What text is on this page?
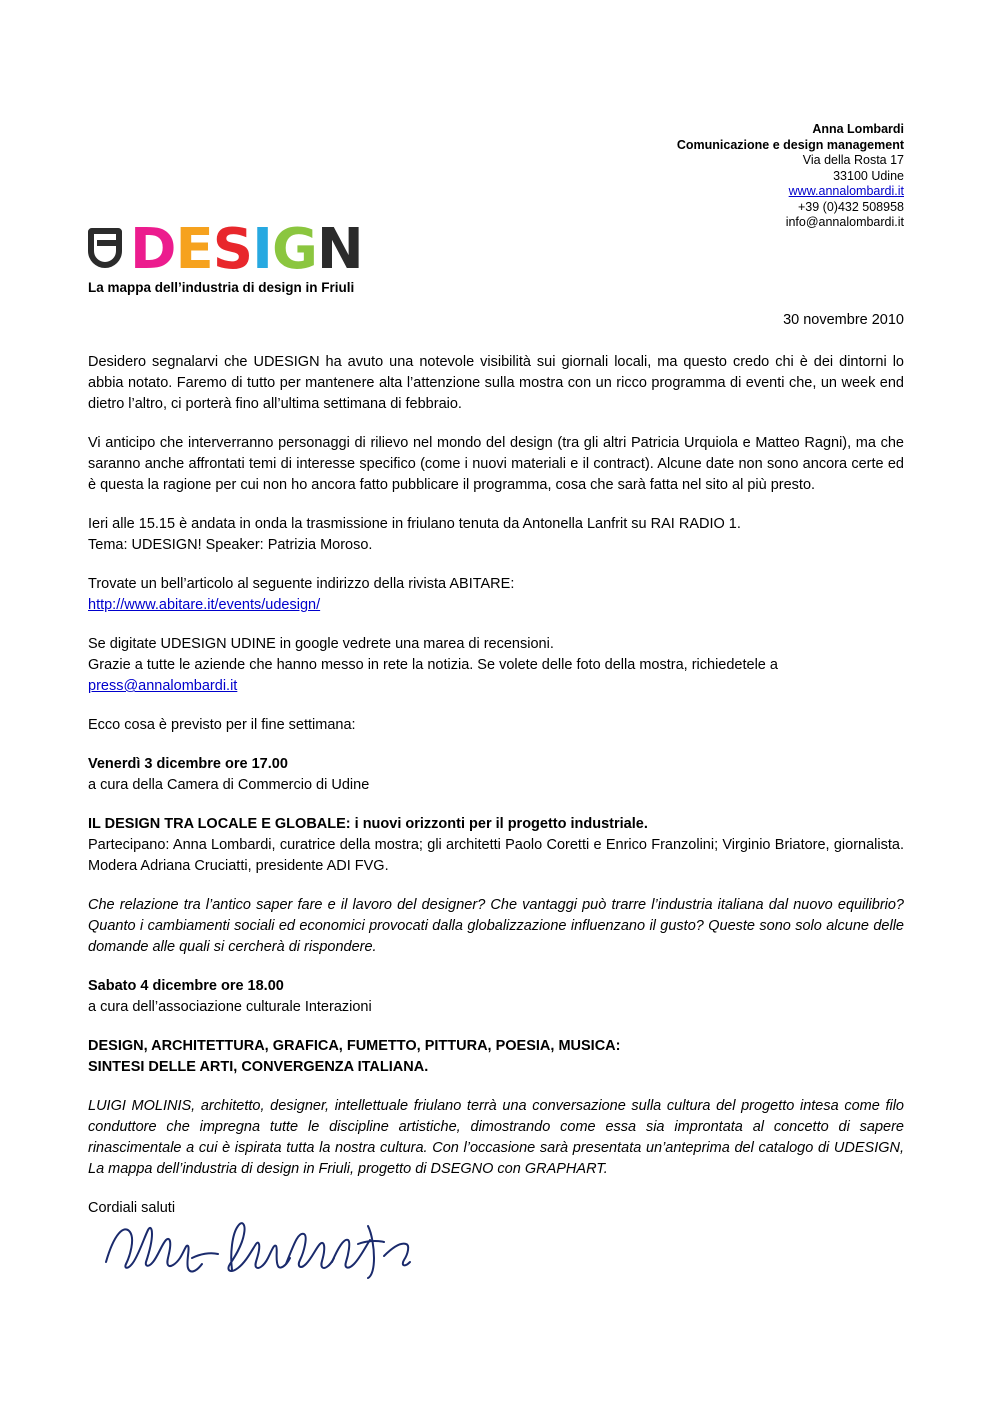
Anna Lombardi
Comunicazione e design management
Via della Rosta 17
33100 Udine
www.annalombardi.it
+39 (0)432 508958
info@annalombardi.it
DESIGN
La mappa dell’industria di design in Friuli
30 novembre 2010

Desidero segnalarvi che UDESIGN ha avuto una notevole visibilità sui giornali locali, ma questo credo chi è dei dintorni lo abbia notato. Faremo di tutto per mantenere alta l’attenzione sulla mostra con un ricco programma di eventi che, un week end dietro l’altro, ci porterà fino all’ultima settimana di febbraio.

Vi anticipo che interverranno personaggi di rilievo nel mondo del design (tra gli altri Patricia Urquiola e Matteo Ragni), ma che saranno anche affrontati temi di interesse specifico (come i nuovi materiali e il contract). Alcune date non sono ancora certe ed è questa la ragione per cui non ho ancora fatto pubblicare il programma, cosa che sarà fatta nel sito al più presto.

Ieri alle 15.15 è andata in onda la trasmissione in friulano tenuta da Antonella Lanfrit su RAI RADIO 1.

Tema: UDESIGN! Speaker: Patrizia Moroso.

Trovate un bell’articolo al seguente indirizzo della rivista ABITARE:

http://www.abitare.it/events/udesign/

Se digitate UDESIGN UDINE in google vedrete una marea di recensioni.

Grazie a tutte le aziende che hanno messo in rete la notizia. Se volete delle foto della mostra, richiedetele a

press@annalombardi.it

Ecco cosa è previsto per il fine settimana:

Venerdì 3 dicembre ore 17.00

a cura della Camera di Commercio di Udine

IL DESIGN TRA LOCALE E GLOBALE: i nuovi orizzonti per il progetto industriale.

Partecipano: Anna Lombardi, curatrice della mostra; gli architetti Paolo Coretti e Enrico Franzolini; Virginio Briatore, giornalista. Modera Adriana Cruciatti, presidente ADI FVG.

Che relazione tra l’antico saper fare e il lavoro del designer? Che vantaggi può trarre l’industria italiana dal nuovo equilibrio? Quanto i cambiamenti sociali ed economici provocati dalla globalizzazione influenzano il gusto? Queste sono solo alcune delle domande alle quali si cercherà di rispondere.

Sabato 4 dicembre ore 18.00

a cura dell’associazione culturale Interazioni

DESIGN, ARCHITETTURA, GRAFICA, FUMETTO, PITTURA, POESIA, MUSICA:

SINTESI DELLE ARTI, CONVERGENZA ITALIANA.

LUIGI MOLINIS, architetto, designer, intellettuale friulano terrà una conversazione sulla cultura del progetto intesa come filo conduttore che impregna tutte le discipline artistiche, dimostrando come essa sia improntata al concetto di sapere rinascimentale a cui è ispirata tutta la nostra cultura. Con l’occasione sarà presentata un’anteprima del catalogo di UDESIGN, La mappa dell’industria di design in Friuli, progetto di DSEGNO con GRAPHART.

Cordiali saluti
